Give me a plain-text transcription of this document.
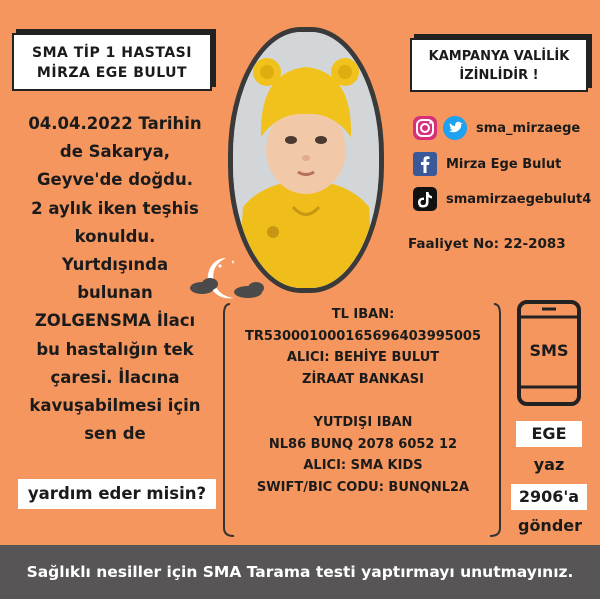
SMA TİP 1 HASTASI
MİRZA EGE BULUT
KAMPANYA VALİLİK
İZİNLİDİR !
04.04.2022 Tarihin
de Sakarya,
Geyve'de doğdu.
2 aylık iken teşhis
konuldu.
Yurtdışında
bulunan
ZOLGENSMA İlacı
bu hastalığın tek
çaresi. İlacına
kavuşabilmesi için
sen de
yardım eder misin?
sma_mirzaege
Mirza Ege Bulut
smamirzaegebulut4
Faaliyet No: 22-2083
TL IBAN:
TR530001000165696403995005
ALICI: BEHİYE BULUT
ZİRAAT BANKASI
YUTDIŞI IBAN
NL86 BUNQ 2078 6052 12
ALICI: SMA KIDS
SWIFT/BIC CODU: BUNQNL2A
SMS
EGE
yaz
2906'a
gönder
Sağlıklı nesiller için SMA Tarama testi yaptırmayı unutmayınız.
